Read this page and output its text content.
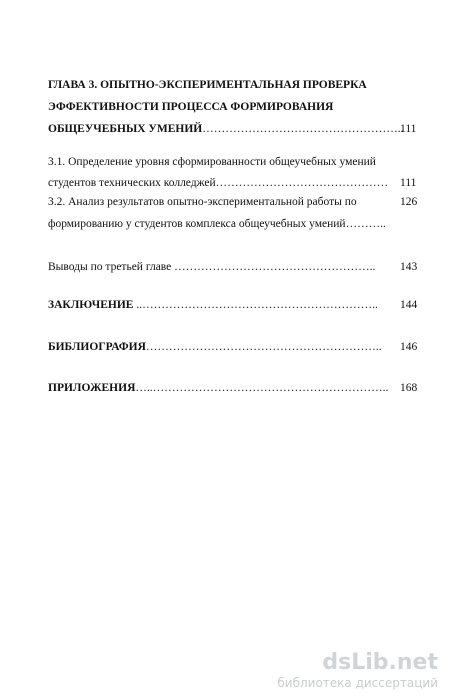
ГЛАВА 3. ОПЫТНО-ЭКСПЕРИМЕНТАЛЬНАЯ ПРОВЕРКА
ЭФФЕКТИВНОСТИ ПРОЦЕССА ФОРМИРОВАНИЯ
ОБЩЕУЧЕБНЫХ УМЕНИЙ……………………………………………..
111
3.1. Определение уровня сформированности общеучебных умений
студентов технических колледжей……………………………………… 111
3.2. Анализ результатов опытно-экспериментальной работы по	126
формированию у студентов комплекса общеучебных умений………..
Выводы по третьей главе …………………………………………….. 143
ЗАКЛЮЧЕНИЕ ..…………………………………………………….. 144
БИБЛИОГРАФИЯ…………………………………………………….. 146
ПРИЛОЖЕНИЯ…..…………………………………………………….. 168
dsLib.net
библиотека диссертаций
